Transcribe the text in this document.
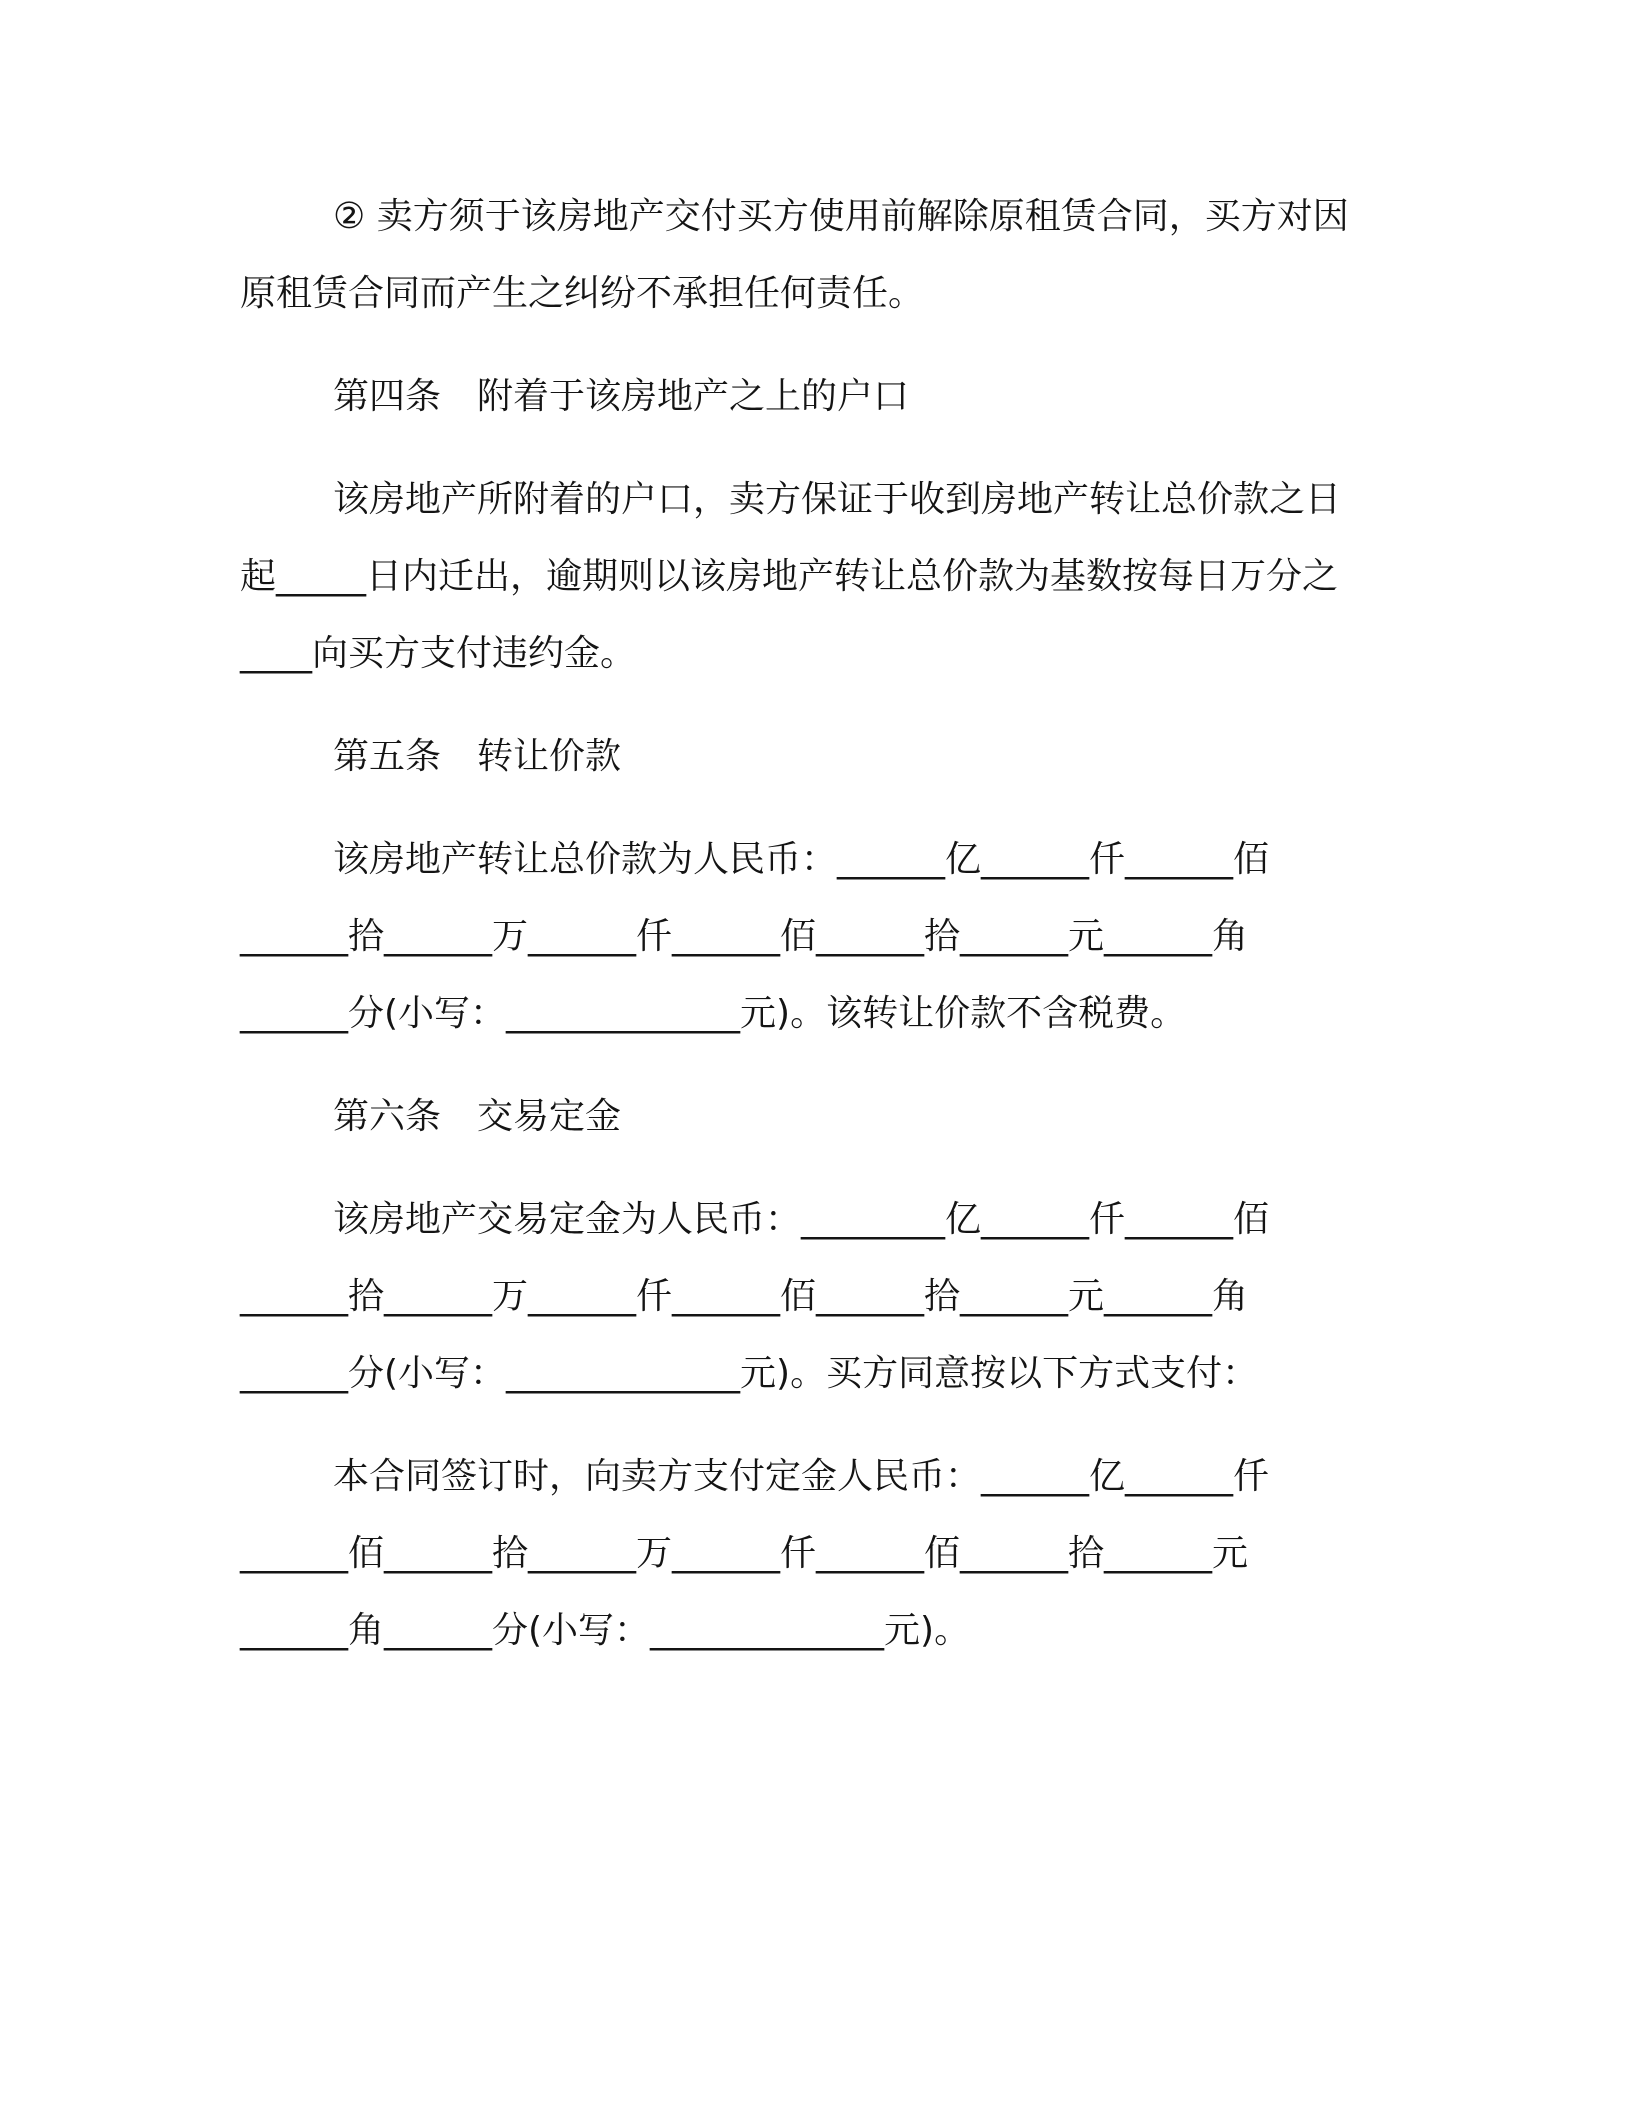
② 卖方须于该房地产交付买方使用前解除原租赁合同，买方对因
原租赁合同而产生之纠纷不承担任何责任。
第四条　附着于该房地产之上的户口
该房地产所附着的户口，卖方保证于收到房地产转让总价款之日
起_____日内迁出，逾期则以该房地产转让总价款为基数按每日万分之
____向买方支付违约金。
第五条　转让价款
该房地产转让总价款为人民币：______亿______仟______佰
______拾______万______仟______佰______拾______元______角
______分(小写：_____________元)。该转让价款不含税费。
第六条　交易定金
该房地产交易定金为人民币：________亿______仟______佰
______拾______万______仟______佰______拾______元______角
______分(小写：_____________元)。买方同意按以下方式支付：
本合同签订时，向卖方支付定金人民币：______亿______仟
______佰______拾______万______仟______佰______拾______元
______角______分(小写：_____________元)。
